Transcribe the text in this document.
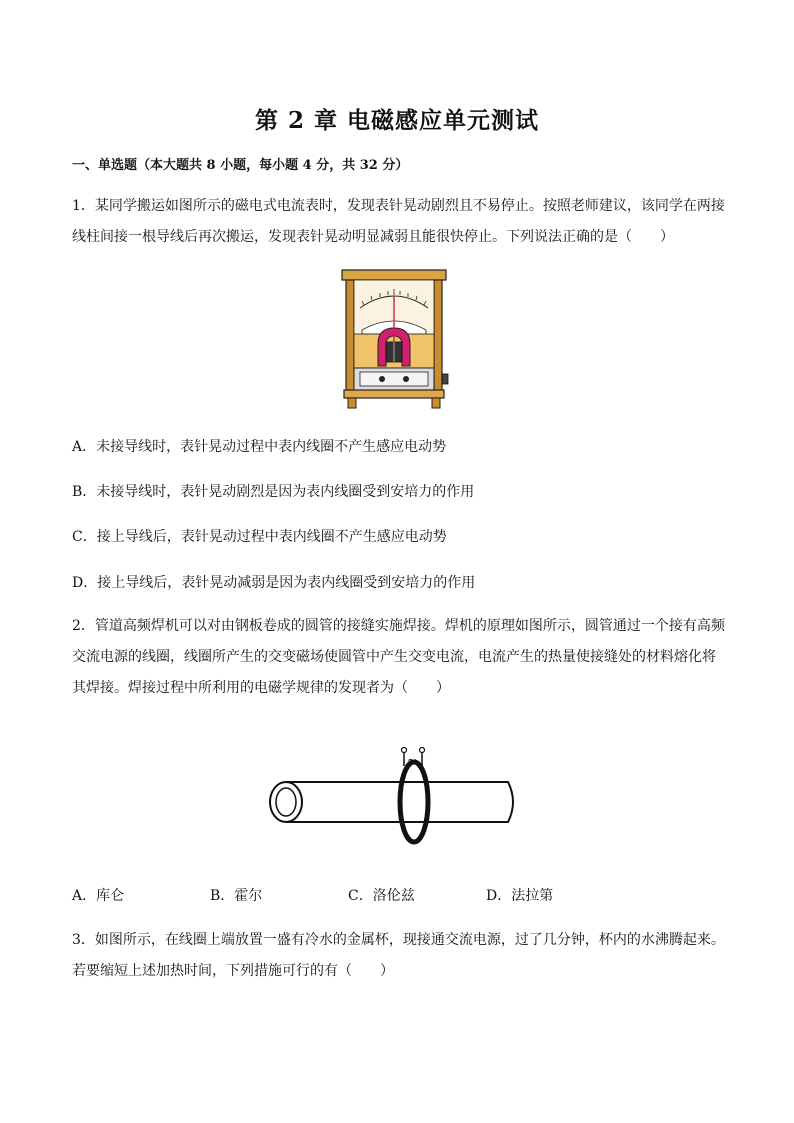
第 2 章 电磁感应单元测试
一、单选题（本大题共 8 小题，每小题 4 分，共 32 分）
1．某同学搬运如图所示的磁电式电流表时，发现表针晃动剧烈且不易停止。按照老师建议，该同学在两接
线柱间接一根导线后再次搬运，发现表针晃动明显减弱且能很快停止。下列说法正确的是（　　）
A．未接导线时，表针晃动过程中表内线圈不产生感应电动势
B．未接导线时，表针晃动剧烈是因为表内线圈受到安培力的作用
C．接上导线后，表针晃动过程中表内线圈不产生感应电动势
D．接上导线后，表针晃动减弱是因为表内线圈受到安培力的作用
2．管道高频焊机可以对由钢板卷成的圆管的接缝实施焊接。焊机的原理如图所示，圆管通过一个接有高频
交流电源的线圈，线圈所产生的交变磁场使圆管中产生交变电流，电流产生的热量使接缝处的材料熔化将
其焊接。焊接过程中所利用的电磁学规律的发现者为（　　）
~
A．库仑	B．霍尔	C．洛伦兹	D．法拉第
3．如图所示，在线圈上端放置一盛有冷水的金属杯，现接通交流电源，过了几分钟，杯内的水沸腾起来。
若要缩短上述加热时间，下列措施可行的有（　　）
